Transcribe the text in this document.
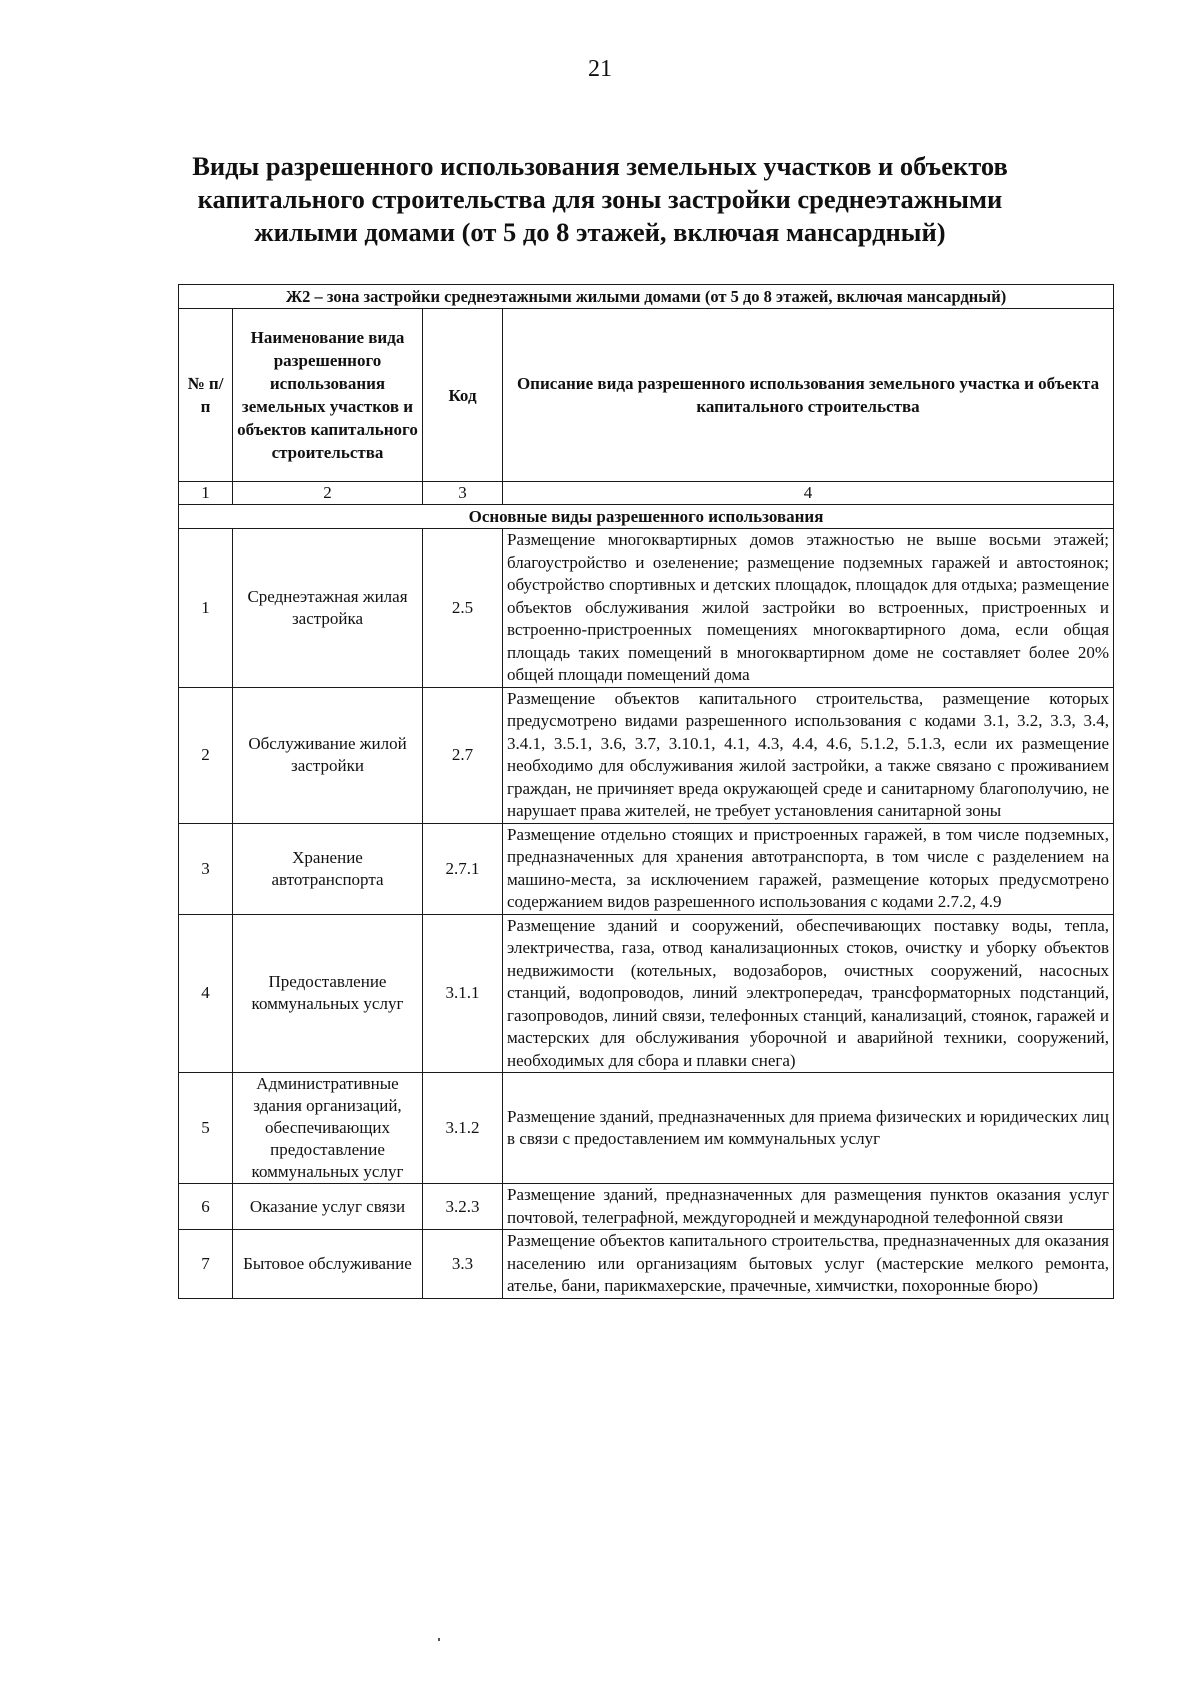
21
Виды разрешенного использования земельных участков и объектов капитального строительства для зоны застройки среднеэтажными жилыми домами (от 5 до 8 этажей, включая мансардный)
Ж2 – зона застройки среднеэтажными жилыми домами (от 5 до 8 этажей, включая мансардный)			
№ п/п	Наименование вида разрешенного использования земельных участков и объектов капитального строительства	Код	Описание вида разрешенного использования земельного участка и объекта капитального строительства
1	2	3	4
Основные виды разрешенного использования			
1	Среднеэтажная жилая застройка	2.5	Размещение многоквартирных домов этажностью не выше восьми этажей; благоустройство и озеленение; размещение подземных гаражей и автостоянок; обустройство спортивных и детских площадок, площадок для отдыха; размещение объектов обслуживания жилой застройки во встроенных, пристроенных и встроенно-пристроенных помещениях многоквартирного дома, если общая площадь таких помещений в многоквартирном доме не составляет более 20% общей площади помещений дома
2	Обслуживание жилой застройки	2.7	Размещение объектов капитального строительства, размещение которых предусмотрено видами разрешенного использования с кодами 3.1, 3.2, 3.3, 3.4, 3.4.1, 3.5.1, 3.6, 3.7, 3.10.1, 4.1, 4.3, 4.4, 4.6, 5.1.2, 5.1.3, если их размещение необходимо для обслуживания жилой застройки, а также связано с проживанием граждан, не причиняет вреда окружающей среде и санитарному благополучию, не нарушает права жителей, не требует установления санитарной зоны
3	Хранение автотранспорта	2.7.1	Размещение отдельно стоящих и пристроенных гаражей, в том числе подземных, предназначенных для хранения автотранспорта, в том числе с разделением на машино-места, за исключением гаражей, размещение которых предусмотрено содержанием видов разрешенного использования с кодами 2.7.2, 4.9
4	Предоставление коммунальных услуг	3.1.1	Размещение зданий и сооружений, обеспечивающих поставку воды, тепла, электричества, газа, отвод канализационных стоков, очистку и уборку объектов недвижимости (котельных, водозаборов, очистных сооружений, насосных станций, водопроводов, линий электропередач, трансформаторных подстанций, газопроводов, линий связи, телефонных станций, канализаций, стоянок, гаражей и мастерских для обслуживания уборочной и аварийной техники, сооружений, необходимых для сбора и плавки снега)
5	Административные здания организаций, обеспечивающих предоставление коммунальных услуг	3.1.2	Размещение зданий, предназначенных для приема физических и юридических лиц в связи с предоставлением им коммунальных услуг
6	Оказание услуг связи	3.2.3	Размещение зданий, предназначенных для размещения пунктов оказания услуг почтовой, телеграфной, междугородней и международной телефонной связи
7	Бытовое обслуживание	3.3	Размещение объектов капитального строительства, предназначенных для оказания населению или организациям бытовых услуг (мастерские мелкого ремонта, ателье, бани, парикмахерские, прачечные, химчистки, похоронные бюро)
